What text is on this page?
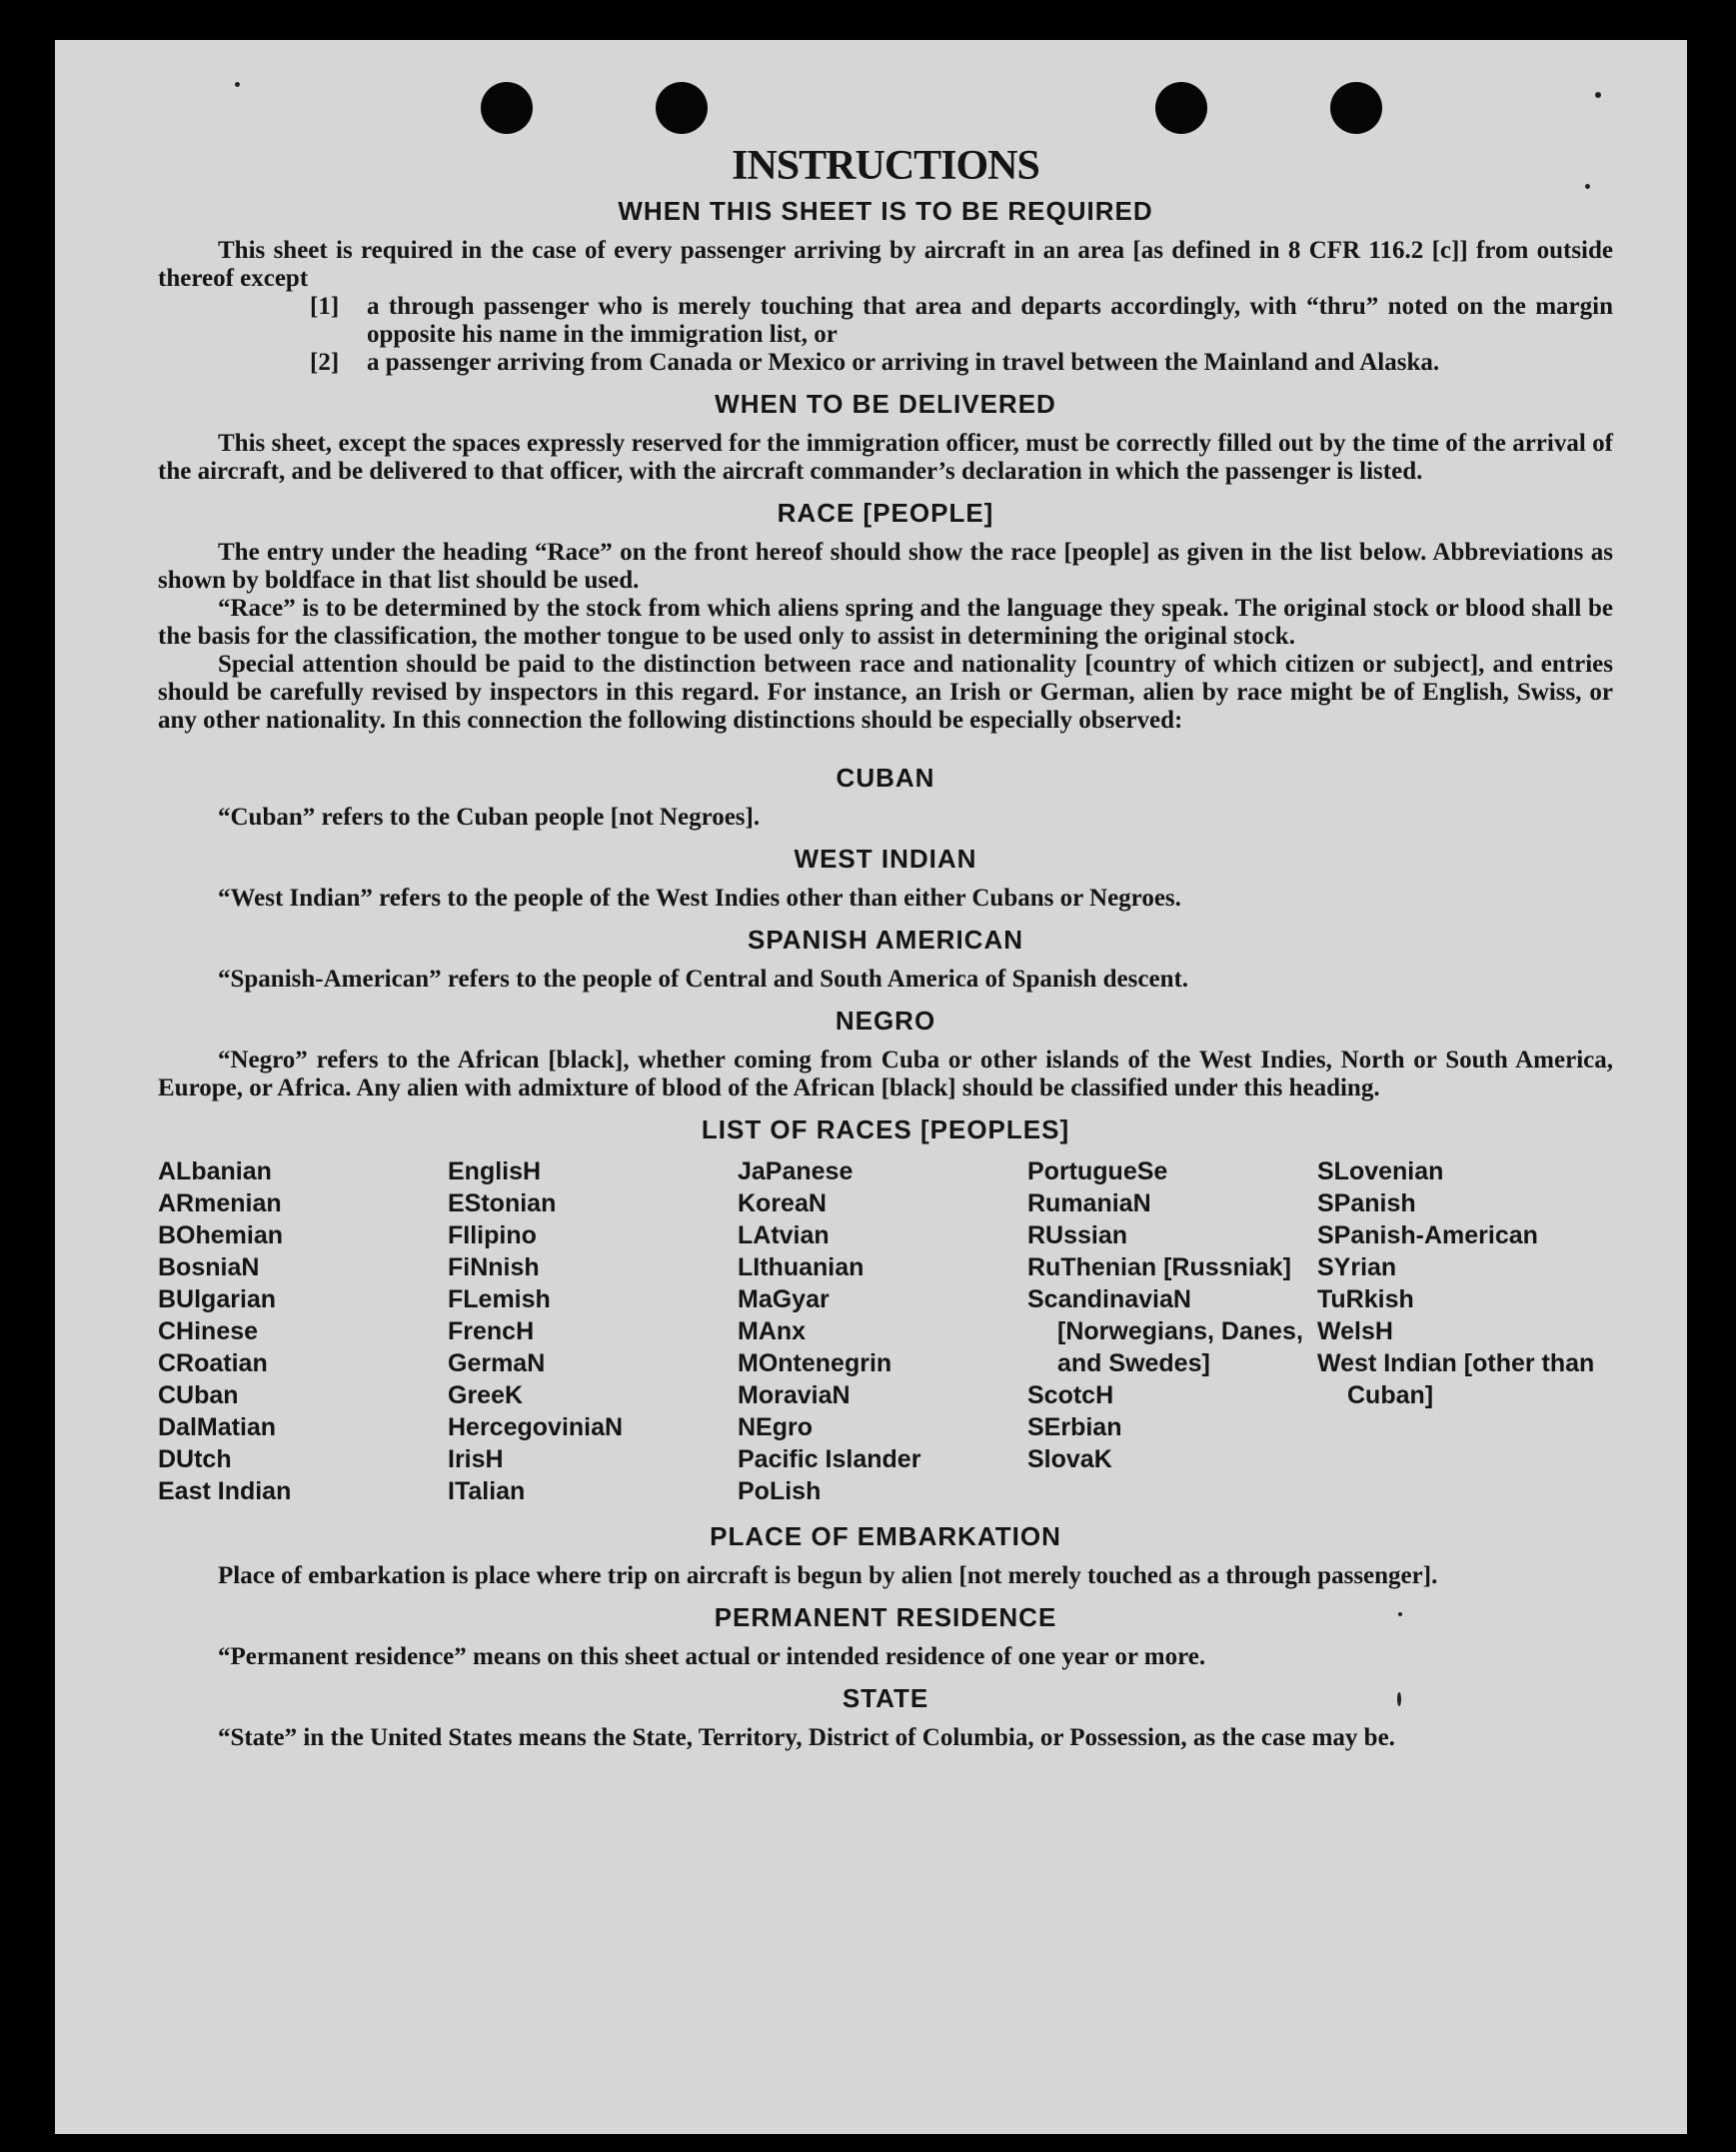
INSTRUCTIONS
WHEN THIS SHEET IS TO BE REQUIRED

This sheet is required in the case of every passenger arriving by aircraft in an area [as defined in 8 CFR 116.2 [c]] from outside thereof except

[1] a through passenger who is merely touching that area and departs accordingly, with “thru” noted on the margin opposite his name in the immigration list, or

[2] a passenger arriving from Canada or Mexico or arriving in travel between the Mainland and Alaska.

WHEN TO BE DELIVERED

This sheet, except the spaces expressly reserved for the immigration officer, must be correctly filled out by the time of the arrival of the aircraft, and be delivered to that officer, with the aircraft commander’s declaration in which the passenger is listed.

RACE [PEOPLE]

The entry under the heading “Race” on the front hereof should show the race [people] as given in the list below. Abbreviations as shown by boldface in that list should be used.

“Race” is to be determined by the stock from which aliens spring and the language they speak. The original stock or blood shall be the basis for the classification, the mother tongue to be used only to assist in determining the original stock.

Special attention should be paid to the distinction between race and nationality [country of which citizen or subject], and entries should be carefully revised by inspectors in this regard. For instance, an Irish or German, alien by race might be of English, Swiss, or any other nationality. In this connection the following distinctions should be especially observed:

CUBAN

“Cuban” refers to the Cuban people [not Negroes].

WEST INDIAN

“West Indian” refers to the people of the West Indies other than either Cubans or Negroes.

SPANISH AMERICAN

“Spanish-American” refers to the people of Central and South America of Spanish descent.

NEGRO

“Negro” refers to the African [black], whether coming from Cuba or other islands of the West Indies, North or South America, Europe, or Africa. Any alien with admixture of blood of the African [black] should be classified under this heading.

LIST OF RACES [PEOPLES]
ALbanian
ARmenian
BOhemian
BosniaN
BUlgarian
CHinese
CRoatian
CUban
DalMatian
DUtch
East Indian
EnglisH
EStonian
FIlipino
FiNnish
FLemish
FrencH
GermaN
GreeK
HercegoviniaN
IrisH
ITalian
JaPanese
KoreaN
LAtvian
LIthuanian
MaGyar
MAnx
MOntenegrin
MoraviaN
NEgro
Pacific Islander
PoLish
PortugueSe
RumaniaN
RUssian
RuThenian [Russniak]
ScandinaviaN [Norwegians, Danes, and Swedes]
ScotcH
SErbian
SlovaK
SLovenian
SPanish
SPanish-American
SYrian
TuRkish
WelsH
West Indian [other than Cuban]
PLACE OF EMBARKATION

Place of embarkation is place where trip on aircraft is begun by alien [not merely touched as a through passenger].

PERMANENT RESIDENCE

“Permanent residence” means on this sheet actual or intended residence of one year or more.

STATE

“State” in the United States means the State, Territory, District of Columbia, or Possession, as the case may be.
